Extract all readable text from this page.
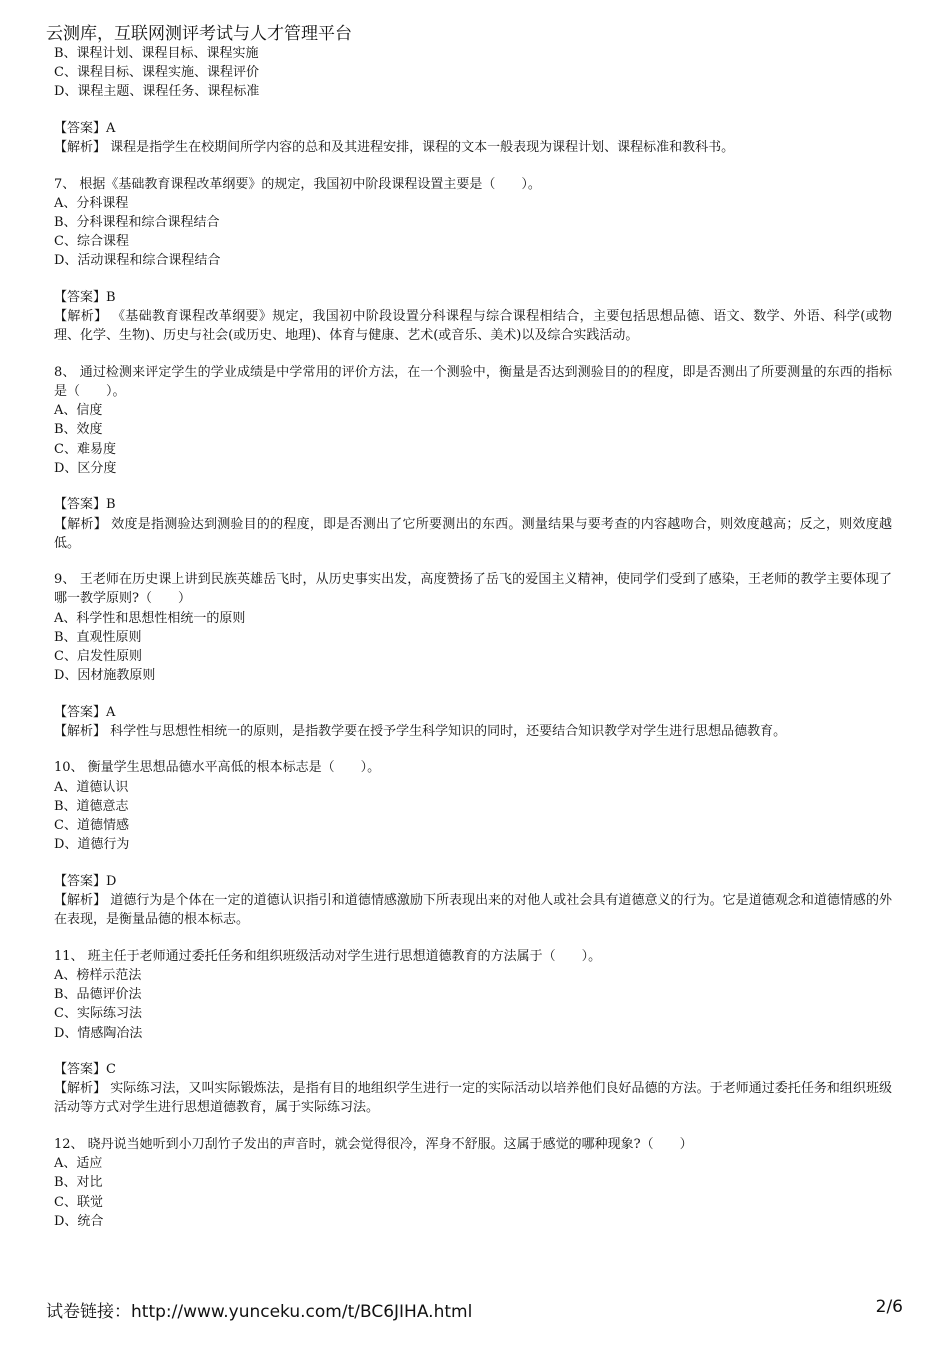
云测库，互联网测评考试与人才管理平台

B、课程计划、课程目标、课程实施

C、课程目标、课程实施、课程评价

D、课程主题、课程任务、课程标准

【答案】A

【解析】 课程是指学生在校期间所学内容的总和及其进程安排，课程的文本一般表现为课程计划、课程标准和教科书。

7、 根据《基础教育课程改革纲要》的规定，我国初中阶段课程设置主要是（　　）。

A、分科课程

B、分科课程和综合课程结合

C、综合课程

D、活动课程和综合课程结合

【答案】B

【解析】 《基础教育课程改革纲要》规定，我国初中阶段设置分科课程与综合课程相结合，主要包括思想品德、语文、数学、外语、科学(或物理、化学、生物)、历史与社会(或历史、地理)、体育与健康、艺术(或音乐、美术)以及综合实践活动。

8、 通过检测来评定学生的学业成绩是中学常用的评价方法，在一个测验中，衡量是否达到测验目的的程度，即是否测出了所要测量的东西的指标是（　　）。

A、信度

B、效度

C、难易度

D、区分度

【答案】B

【解析】 效度是指测验达到测验目的的程度，即是否测出了它所要测出的东西。测量结果与要考查的内容越吻合，则效度越高；反之，则效度越低。

9、 王老师在历史课上讲到民族英雄岳飞时，从历史事实出发，高度赞扬了岳飞的爱国主义精神，使同学们受到了感染，王老师的教学主要体现了哪一教学原则?（　　）

A、科学性和思想性相统一的原则

B、直观性原则

C、启发性原则

D、因材施教原则

【答案】A

【解析】 科学性与思想性相统一的原则，是指教学要在授予学生科学知识的同时，还要结合知识教学对学生进行思想品德教育。

10、 衡量学生思想品德水平高低的根本标志是（　　）。

A、道德认识

B、道德意志

C、道德情感

D、道德行为

【答案】D

【解析】 道德行为是个体在一定的道德认识指引和道德情感激励下所表现出来的对他人或社会具有道德意义的行为。它是道德观念和道德情感的外在表现，是衡量品德的根本标志。

11、 班主任于老师通过委托任务和组织班级活动对学生进行思想道德教育的方法属于（　　）。

A、榜样示范法

B、品德评价法

C、实际练习法

D、情感陶冶法

【答案】C

【解析】 实际练习法，又叫实际锻炼法，是指有目的地组织学生进行一定的实际活动以培养他们良好品德的方法。于老师通过委托任务和组织班级活动等方式对学生进行思想道德教育，属于实际练习法。

12、 晓丹说当她听到小刀刮竹子发出的声音时，就会觉得很冷，浑身不舒服。这属于感觉的哪种现象?（　　）

A、适应

B、对比

C、联觉

D、统合

试卷链接：http://www.yunceku.com/t/BC6JIHA.html	2/6
